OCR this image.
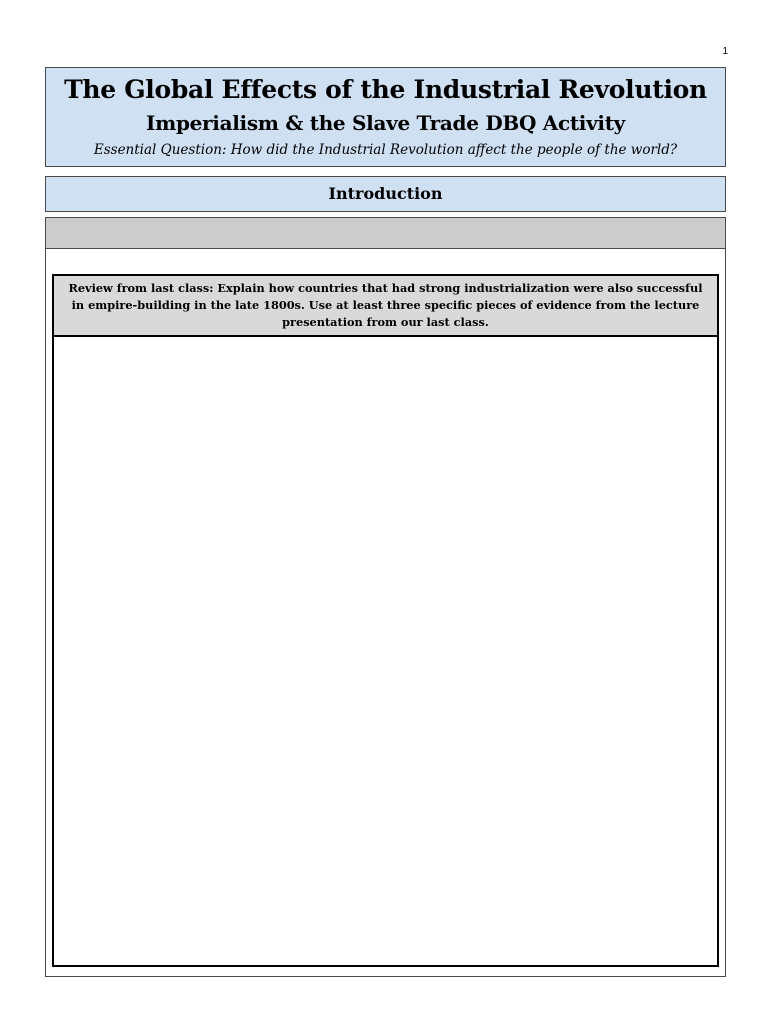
1
The Global Effects of the Industrial Revolution
Imperialism & the Slave Trade DBQ Activity
Essential Question: How did the Industrial Revolution affect the people of the world?
Introduction
Review from last class: Explain how countries that had strong industrialization were also successful in empire-building in the late 1800s. Use at least three specific pieces of evidence from the lecture presentation from our last class.
